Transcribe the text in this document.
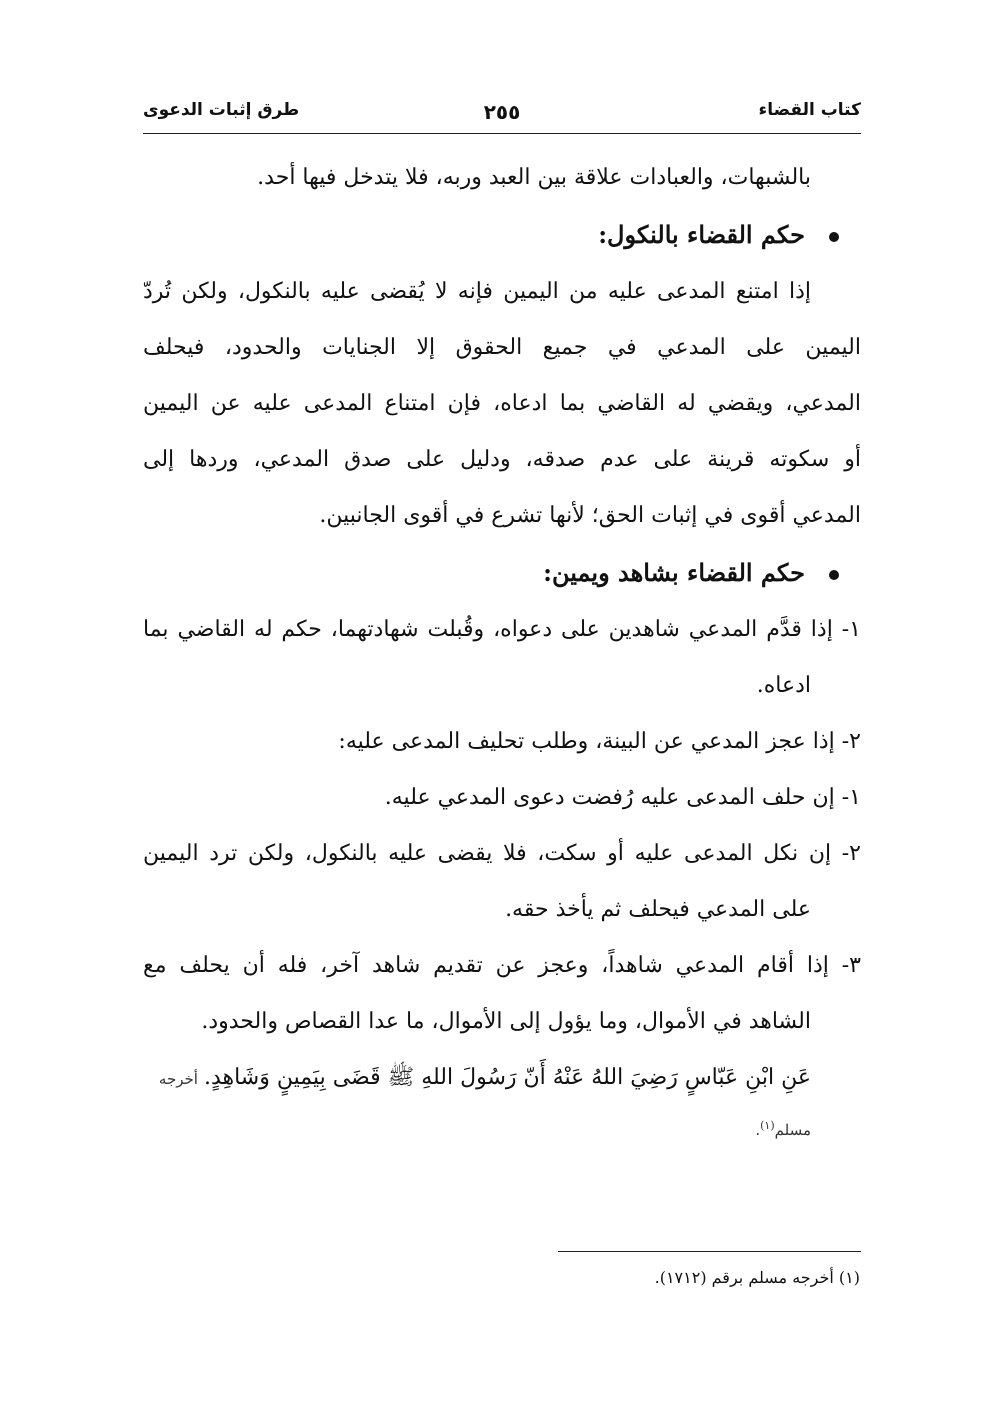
كتاب القضاء
٢٥٥
طرق إثبات الدعوى
بالشبهات، والعبادات علاقة بين العبد وربه، فلا يتدخل فيها أحد.
حكم القضاء بالنكول:
إذا امتنع المدعى عليه من اليمين فإنه لا يُقضى عليه بالنكول، ولكن تُردّ
اليمين على المدعي في جميع الحقوق إلا الجنايات والحدود، فيحلف
المدعي، ويقضي له القاضي بما ادعاه، فإن امتناع المدعى عليه عن اليمين
أو سكوته قرينة على عدم صدقه، ودليل على صدق المدعي، وردها إلى
المدعي أقوى في إثبات الحق؛ لأنها تشرع في أقوى الجانبين.
حكم القضاء بشاهد ويمين:
١- إذا قدَّم المدعي شاهدين على دعواه، وقُبلت شهادتهما، حكم له القاضي بما
ادعاه.
٢- إذا عجز المدعي عن البينة، وطلب تحليف المدعى عليه:
١- إن حلف المدعى عليه رُفضت دعوى المدعي عليه.
٢- إن نكل المدعى عليه أو سكت، فلا يقضى عليه بالنكول، ولكن ترد اليمين
على المدعي فيحلف ثم يأخذ حقه.
٣- إذا أقام المدعي شاهداً، وعجز عن تقديم شاهد آخر، فله أن يحلف مع
الشاهد في الأموال، وما يؤول إلى الأموال، ما عدا القصاص والحدود.
عَنِ ابْنِ عَبّاسٍ رَضِيَ اللهُ عَنْهُ أَنّ رَسُولَ اللهِ ﷺ قَضَى بِيَمِينٍ وَشَاهِدٍ.أخرجه
مسلم$^{(١)}$.
(١) أخرجه مسلم برقم (١٧١٢).
